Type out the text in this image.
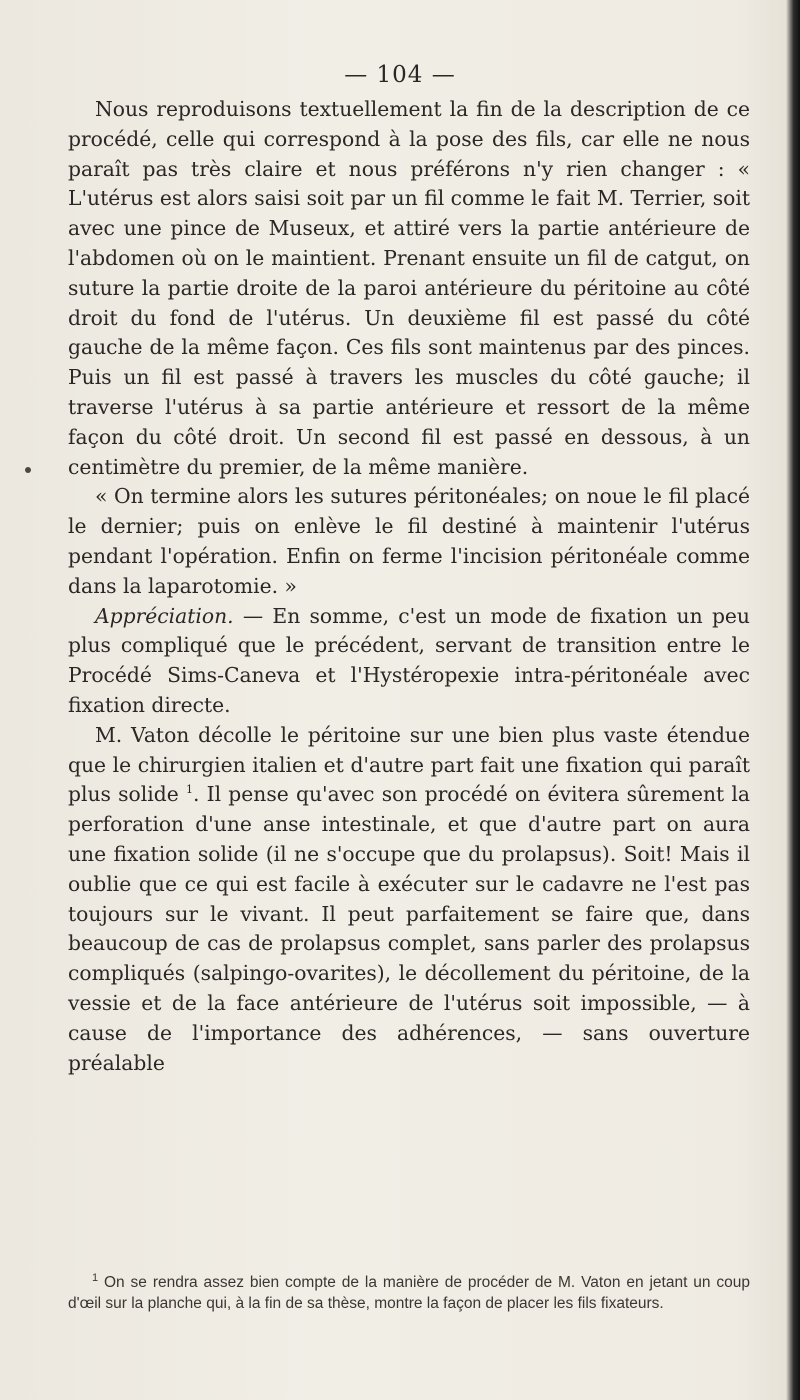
— 104 —

Nous reproduisons textuellement la fin de la description de ce procédé, celle qui correspond à la pose des fils, car elle ne nous paraît pas très claire et nous préférons n'y rien changer : « L'utérus est alors saisi soit par un fil comme le fait M. Terrier, soit avec une pince de Museux, et attiré vers la partie antérieure de l'abdomen où on le maintient. Prenant ensuite un fil de catgut, on suture la partie droite de la paroi antérieure du péritoine au côté droit du fond de l'utérus. Un deuxième fil est passé du côté gauche de la même façon. Ces fils sont maintenus par des pinces. Puis un fil est passé à travers les muscles du côté gauche; il traverse l'utérus à sa partie antérieure et ressort de la même façon du côté droit. Un second fil est passé en dessous, à un centimètre du premier, de la même manière.

« On termine alors les sutures péritonéales; on noue le fil placé le dernier; puis on enlève le fil destiné à maintenir l'utérus pendant l'opération. Enfin on ferme l'incision péritonéale comme dans la laparotomie. »

Appréciation. — En somme, c'est un mode de fixation un peu plus compliqué que le précédent, servant de transition entre le Procédé Sims-Caneva et l'Hystéropexie intra-péritonéale avec fixation directe.

M. Vaton décolle le péritoine sur une bien plus vaste étendue que le chirurgien italien et d'autre part fait une fixation qui paraît plus solide $^1$. Il pense qu'avec son procédé on évitera sûrement la perforation d'une anse intestinale, et que d'autre part on aura une fixation solide (il ne s'occupe que du prolapsus). Soit! Mais il oublie que ce qui est facile à exécuter sur le cadavre ne l'est pas toujours sur le vivant. Il peut parfaitement se faire que, dans beaucoup de cas de prolapsus complet, sans parler des prolapsus compliqués (salpingo-ovarites), le décollement du péritoine, de la vessie et de la face antérieure de l'utérus soit impossible, — à cause de l'importance des adhérences, — sans ouverture préalable

$^1$ On se rendra assez bien compte de la manière de procéder de M. Vaton en jetant un coup d'œil sur la planche qui, à la fin de sa thèse, montre la façon de placer les fils fixateurs.
